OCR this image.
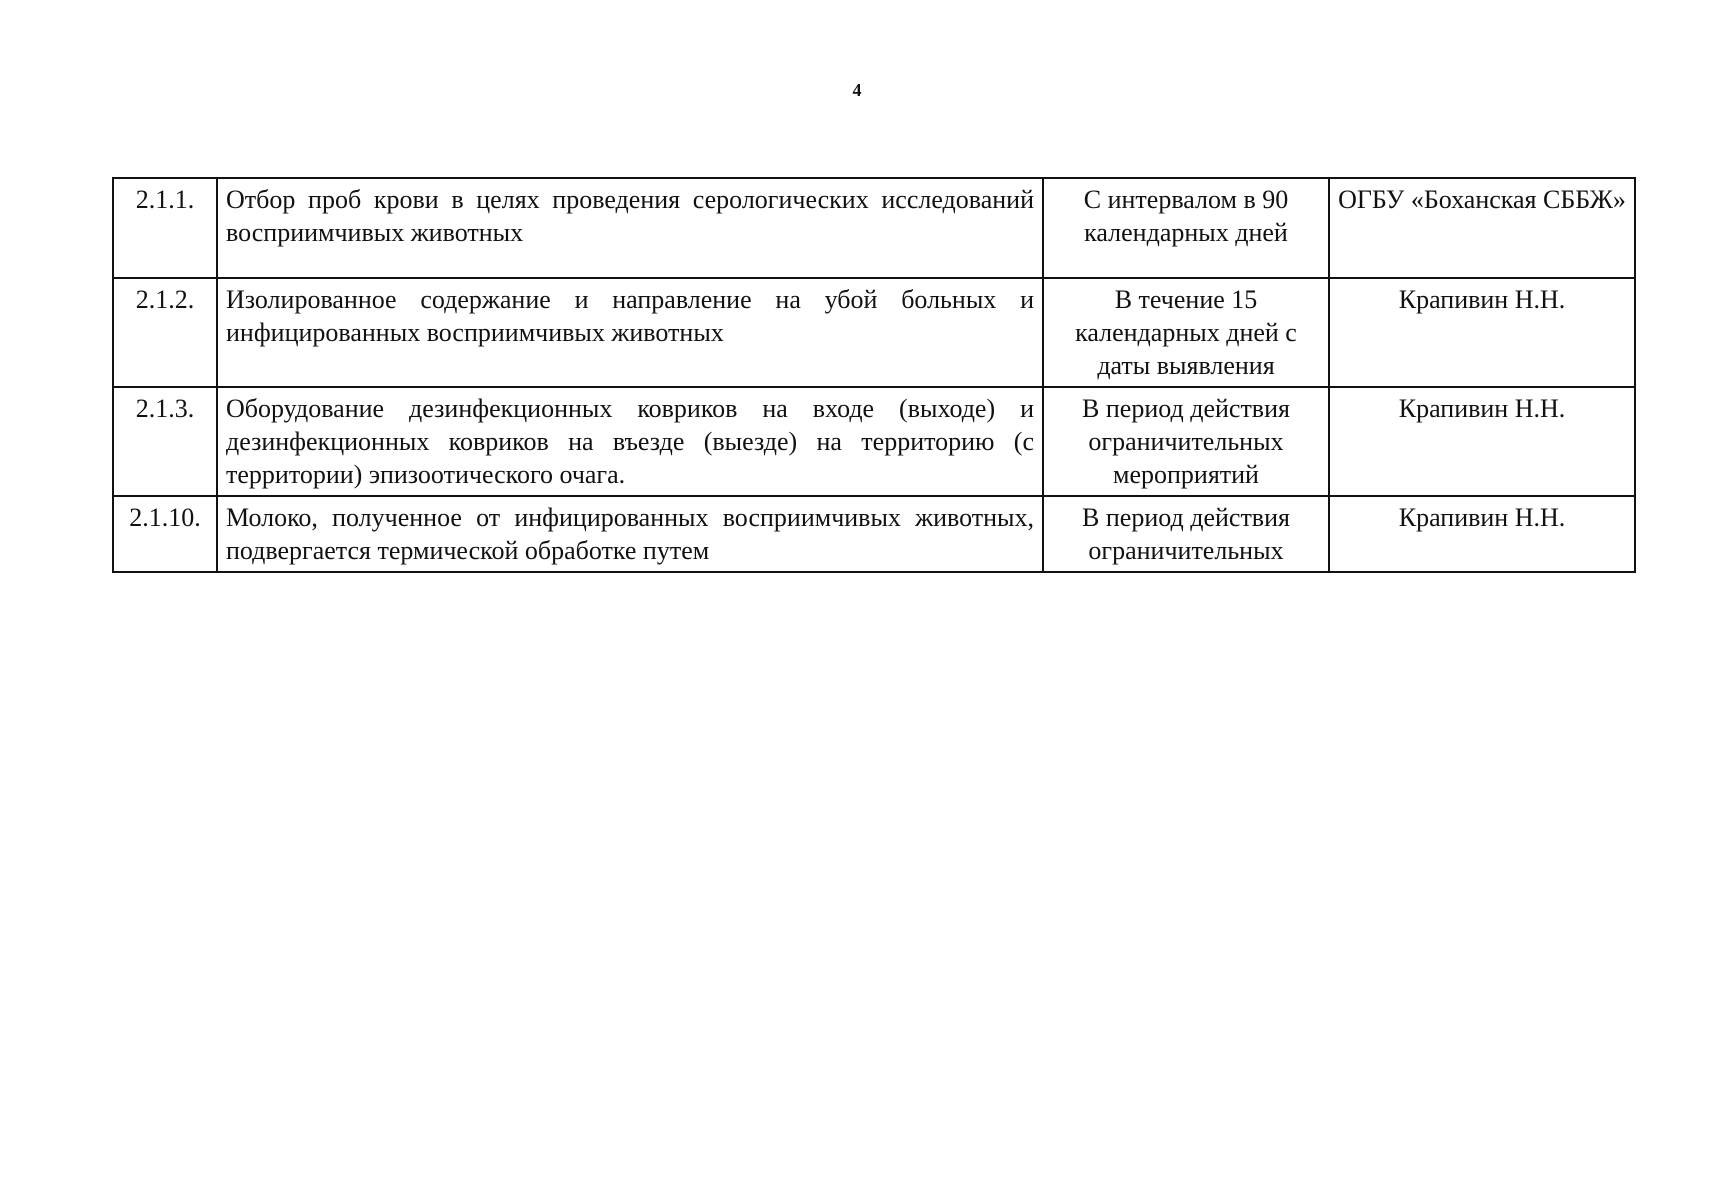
4
2.1.1.	Отбор проб крови в целях проведения серологических исследований восприимчивых животных	С интервалом в 90 календарных дней	ОГБУ «Боханская СББЖ»
2.1.2.	Изолированное содержание и направление на убой больных и инфицированных восприимчивых животных	В течение 15 календарных дней с даты выявления	Крапивин Н.Н.
2.1.3.	Оборудование дезинфекционных ковриков на входе (выходе) и дезинфекционных ковриков на въезде (выезде) на территорию (с территории) эпизоотического очага.	В период действия ограничительных мероприятий	Крапивин Н.Н.
2.1.10.	Молоко, полученное от инфицированных восприимчивых животных, подвергается термической обработке путем	В период действия ограничительных	Крапивин Н.Н.
